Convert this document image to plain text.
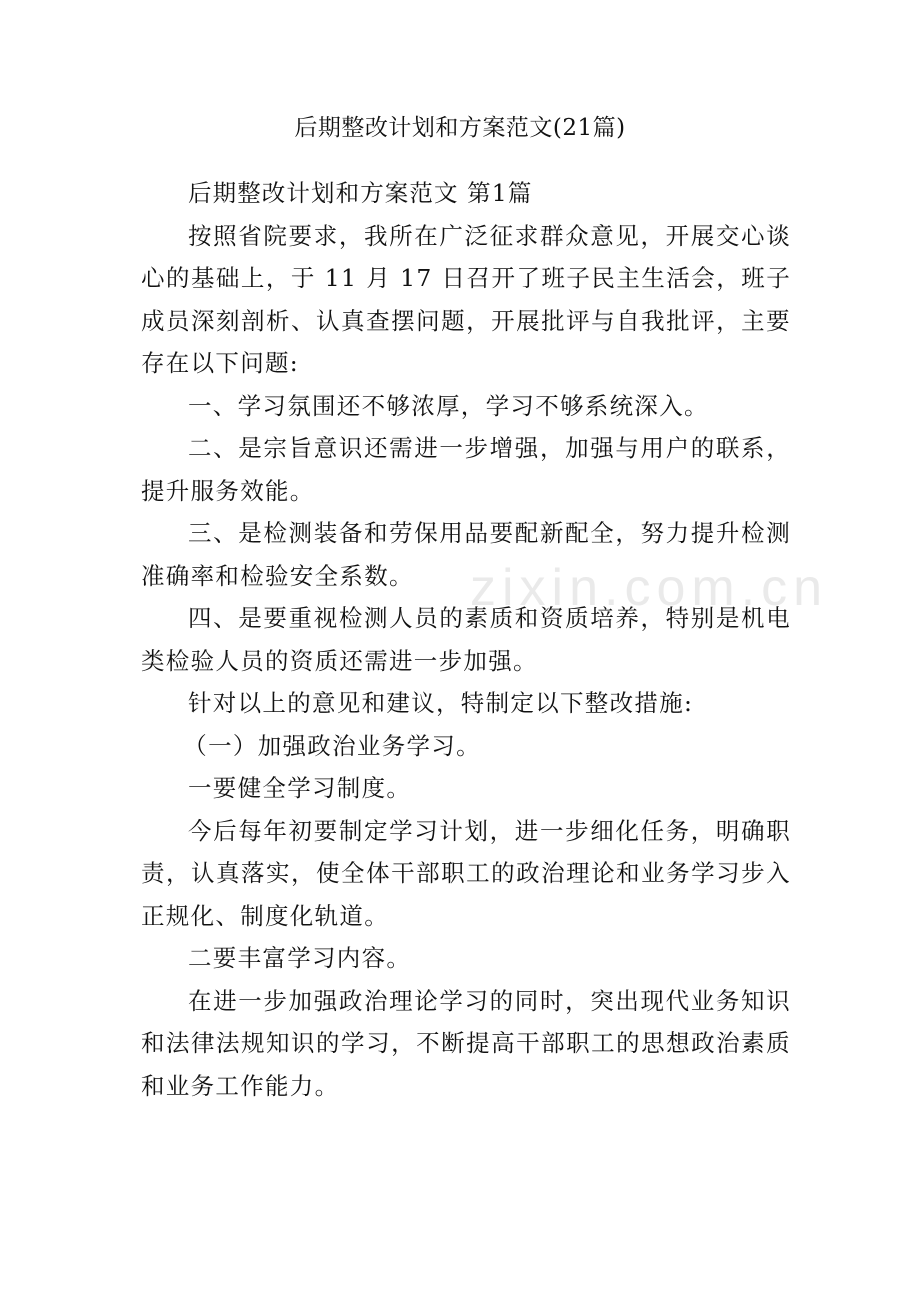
后期整改计划和方案范文(21篇)

后期整改计划和方案范文 第1篇

按照省院要求，我所在广泛征求群众意见，开展交心谈心的基础上，于 11 月 17 日召开了班子民主生活会，班子成员深刻剖析、认真查摆问题，开展批评与自我批评，主要存在以下问题:

一、学习氛围还不够浓厚，学习不够系统深入。

二、是宗旨意识还需进一步增强，加强与用户的联系，提升服务效能。

三、是检测装备和劳保用品要配新配全，努力提升检测准确率和检验安全系数。

四、是要重视检测人员的素质和资质培养，特别是机电类检验人员的资质还需进一步加强。

针对以上的意见和建议，特制定以下整改措施:

（一）加强政治业务学习。

一要健全学习制度。

今后每年初要制定学习计划，进一步细化任务，明确职责，认真落实，使全体干部职工的政治理论和业务学习步入正规化、制度化轨道。

二要丰富学习内容。

在进一步加强政治理论学习的同时，突出现代业务知识和法律法规知识的学习，不断提高干部职工的思想政治素质和业务工作能力。

zixin.com.cn
